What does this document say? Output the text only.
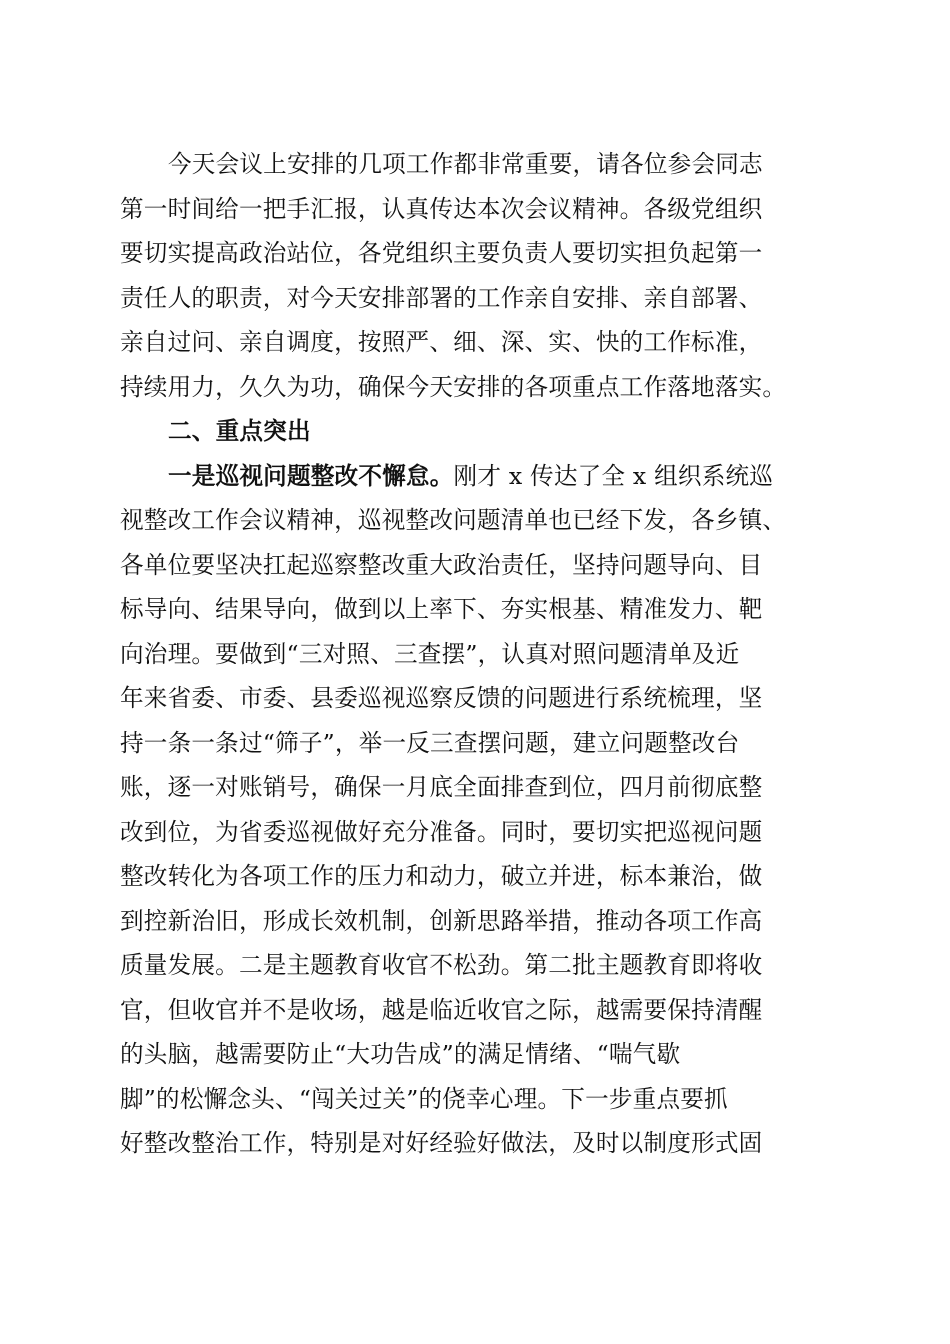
今天会议上安排的几项工作都非常重要，请各位参会同志
第一时间给一把手汇报，认真传达本次会议精神。各级党组织
要切实提高政治站位，各党组织主要负责人要切实担负起第一
责任人的职责，对今天安排部署的工作亲自安排、亲自部署、
亲自过问、亲自调度，按照严、细、深、实、快的工作标准，
持续用力，久久为功，确保今天安排的各项重点工作落地落实。
二、重点突出
一是巡视问题整改不懈怠。刚才 x 传达了全 x 组织系统巡
视整改工作会议精神，巡视整改问题清单也已经下发，各乡镇、
各单位要坚决扛起巡察整改重大政治责任，坚持问题导向、目
标导向、结果导向，做到以上率下、夯实根基、精准发力、靶
向治理。要做到“三对照、三查摆”，认真对照问题清单及近
年来省委、市委、县委巡视巡察反馈的问题进行系统梳理，坚
持一条一条过“筛子”，举一反三查摆问题，建立问题整改台
账，逐一对账销号，确保一月底全面排查到位，四月前彻底整
改到位，为省委巡视做好充分准备。同时，要切实把巡视问题
整改转化为各项工作的压力和动力，破立并进，标本兼治，做
到控新治旧，形成长效机制，创新思路举措，推动各项工作高
质量发展。二是主题教育收官不松劲。第二批主题教育即将收
官，但收官并不是收场，越是临近收官之际，越需要保持清醒
的头脑，越需要防止“大功告成”的满足情绪、“喘气歇
脚”的松懈念头、“闯关过关”的侥幸心理。下一步重点要抓
好整改整治工作，特别是对好经验好做法，及时以制度形式固
